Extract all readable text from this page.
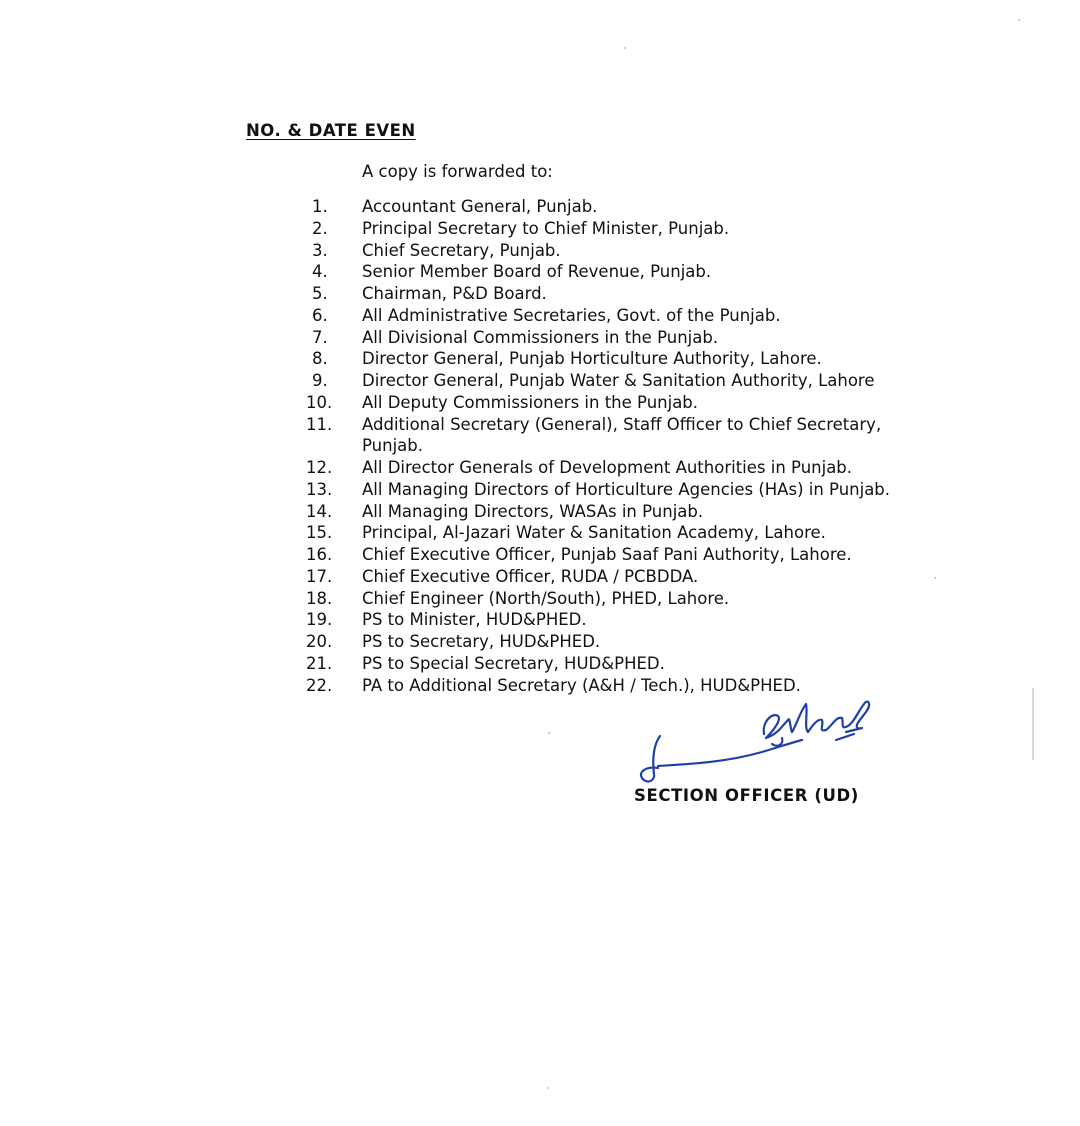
NO. & DATE EVEN
A copy is forwarded to:
1.	Accountant General, Punjab.
2.	Principal Secretary to Chief Minister, Punjab.
3.	Chief Secretary, Punjab.
4.	Senior Member Board of Revenue, Punjab.
5.	Chairman, P&D Board.
6.	All Administrative Secretaries, Govt. of the Punjab.
7.	All Divisional Commissioners in the Punjab.
8.	Director General, Punjab Horticulture Authority, Lahore.
9.	Director General, Punjab Water & Sanitation Authority, Lahore
10.	All Deputy Commissioners in the Punjab.
11.	Additional Secretary (General), Staff Officer to Chief Secretary, Punjab.
12.	All Director Generals of Development Authorities in Punjab.
13.	All Managing Directors of Horticulture Agencies (HAs) in Punjab.
14.	All Managing Directors, WASAs in Punjab.
15.	Principal, Al-Jazari Water & Sanitation Academy, Lahore.
16.	Chief Executive Officer, Punjab Saaf Pani Authority, Lahore.
17.	Chief Executive Officer, RUDA / PCBDDA.
18.	Chief Engineer (North/South), PHED, Lahore.
19.	PS to Minister, HUD&PHED.
20.	PS to Secretary, HUD&PHED.
21.	PS to Special Secretary, HUD&PHED.
22.	PA to Additional Secretary (A&H / Tech.), HUD&PHED.
SECTION OFFICER (UD)
